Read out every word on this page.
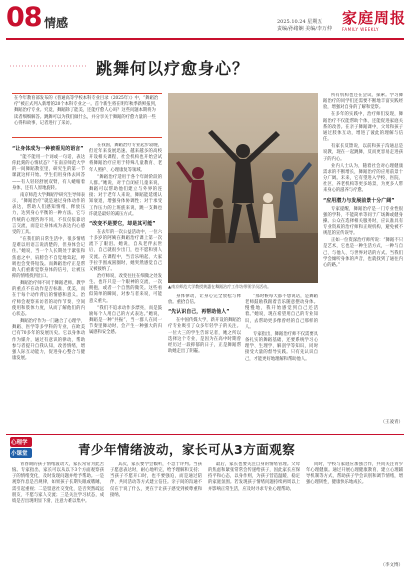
08 情感	2025.10.24 星期五
责编/孙绪娴 美编/李万仲
家庭周报
FAMILY WEEKLY
跳舞何以疗愈身心？
在今年教育部发布的《普通高等学校本科专业目录（2025年）》中，“舞蹈治疗”被正式列入新增的20个本科专业之一。首个新生将在明年秋季新鲜报到，舞蹈治疗专业。究竟，舞蹈除了能美，还能疗愈人心吗？这些问题本期将为读者细细解答。跳舞可以为我们做什么，并分享关于舞蹈的疗愈力量的一些心得和故事，记者进行了采访。
“让身体成为一种被看见的语言”
“能不能用一个词或一句话，表达你此刻的心情状态？”在南京师范大学的一间舞蹈教室里，研究生的第一节课就这样开始。学生们用身体去回答——有人轻轻舒展双臂，有人蜷缩着身体，还有人原地旋转。
南京师范大学舞蹈学研究生导师表示，“舞蹈治疗”就是通过身体动作的表达，帮助人们感知情绪、释放压力，达到身心平衡的一种方法。它与传统的心理咨询不同，不仅仅依靠语言交流，而是让身体成为表达内心感受的工具。
“在我们的日常生活中，很多情绪是难以用语言说清楚的，但身体会记住。”她说，当一个人长期处于紧张和焦虑之中，肩膀会不自觉地耸起，呼吸也会变得短浅。而舞蹈治疗正是帮助人们重新觉察身体的信号，让被压抑的情绪找到出口。
舞蹈治疗师不同于舞蹈老师。教学的重点不在动作是否标准、优美，而在于每个动作背后的情感和意义。治疗师会观察来访者的动作节奏、空间使用和肢体力度，从而了解他们的内心状态。
舞蹈治疗作为一门融合了心理学、舞蹈、医学等多学科的专业，在欧美已有70多年的发展历史。它以身体动作为媒介，通过有意识的律动，帮助参与者提升自我认知，改善情绪，增强人际互动能力，促进身心整合与健康发展。
在我国，舞蹈治疗专业起步较晚，但近年来发展迅速。越来越多的高校开设相关课程，社会机构也开始尝试将舞蹈治疗应用于特殊儿童教育、老年人照护、心理康复等领域。
“舞蹈治疗适用于各个年龄阶段的人群。”她说，对于自闭症儿童来说，舞蹈可以帮助他们建立与外界的连接；对于老年人来说，舞蹈能延缓认知衰退，增强身体协调性；对于承受工作压力的上班族来说，跳一支舞也许就是最好的减压方式。
“改变不是要它，却是其可能”
在去年的一次公益活动中，一位六十多岁的阿姨在舞蹈治疗课上第一次流下了眼泪。她说，自从老伴去世后，自己就很少出门，也不愿和别人交流。在课程中，当音乐响起、大家手拉手围成圆圈时，她突然感觉自己又被接纳了。
治疗师说，改变往往在细微之处发生。也许只是一个眼神的交流，一次拥抱，或者一个自然的微笑。这些看似简单的瞬间，对参与者来说，可能意义重大。
“我们不追求动作多漂亮，而是鼓励每个人用自己的方式表达。”她说，舞蹈是一种“共振”，当一群人在同一节奏里舞动时，会产生一种强大的归属感和安全感。
▲南京师范大学教授黄惠在舞蹈治疗工作坊带领学员活动。
身体律动，让身心完全放松与释放。重拾自信。
“先认识自己，再帮助他人”
在中国传媒大学，新开设的舞蹈治疗专业吸引了众多年轻学子的关注。一位大三的学生告诉记者，她之所以选择这个专业，是因为在高中时期曾经历过一段抑郁的日子，正是舞蹈帮助她走出了阴霾。
“那时候每天都不想说话，是舞蹈老师鼓励我跟着音乐随意摆动身体。慢慢地，我开始感觉到自己还活着。”她说，现在希望用自己的专业知识，去帮助更多像曾经的自己那样的人。
专家指出，舞蹈治疗师不仅需要具备扎实的舞蹈基础，还要系统学习心理学、生理学、解剖学等知识，同时接受大量的督导实践。只有先认识自己，才能更好地理解和帮助他人。
所有机构也还在尝试、探索。学习舞蹈治疗的同学们还需要不断地丰富实践经验，增强对自身的了解和觉察。
在多年的实践中，治疗师们发现，舞蹈治疗不仅能帮助个体，还能促进家庭关系的改善。在亲子舞蹈课中，父母和孩子通过肢体互动，增进了彼此的理解与信任。
有家长反馈说，以前和孩子沟通总是说教，现在一起跳舞，反而更容易走进孩子的内心。
业内人士认为，随着社会对心理健康需求的不断增长，舞蹈治疗的应用前景十分广阔。未来，它有望进入学校、医院、社区、养老机构等更多场景，为更多人带来身心的滋养与疗愈。
“应用潜力与发展前景十分广阔”
专家提醒，舞蹈治疗是一门专业性很强的学科，不能简单等同于广场舞或健身操。公众在选择相关服务时，应认准具有专业资质的治疗师和正规机构，避免被不规范的宣传误导。
正如一位资深治疗师所说：“舞蹈不只是艺术，它也是一种生活方式，一种与自己、与他人、与世界对话的方式。当我们学会倾听身体的声音，也就找到了通往内心的路。”
（王凌青）
心理学
小课堂	青少年情绪波动，家长可从3方面观察
青春期的孩子情绪波动大，家长常常为此苦恼。专家指出，家长可以从以下3个方面观察孩子的情绪变化，及时发现问题并给予帮助。一是观察作息是否规律，如果孩子长期失眠或嗜睡，需引起重视；二是留意社交变化，是否突然疏远朋友、不愿与家人交流；三是关注学习状态，成绩是否出现明显下滑、注意力难以集中。
其次，家长要学会倾听，不急于评判。当孩子愿意表达时，耐心地听完，给予理解和支持；当孩子不愿开口时，也不要强迫，而是通过陪伴、共同活动等方式建立信任。亲子间的沟通不仅在于说了什么，更在于让孩子感受到被尊重和接纳。
最后，家长也要关注自身的情绪管理。父母的焦虑和紧张常常会传递给孩子，因此家长应保持平和心态，以身作则，为孩子营造温暖、稳定的家庭氛围。若发现孩子情绪问题持续两周以上并影响正常生活，应及时寻求专业心理帮助。
同时，学校与家庭应加强合作，共同关注青少年心理健康。通过开展心理健康教育、建立心理辅导机制等方式，帮助孩子学会识别和调节情绪，增强心理韧性，健康快乐地成长。
（李文博）
